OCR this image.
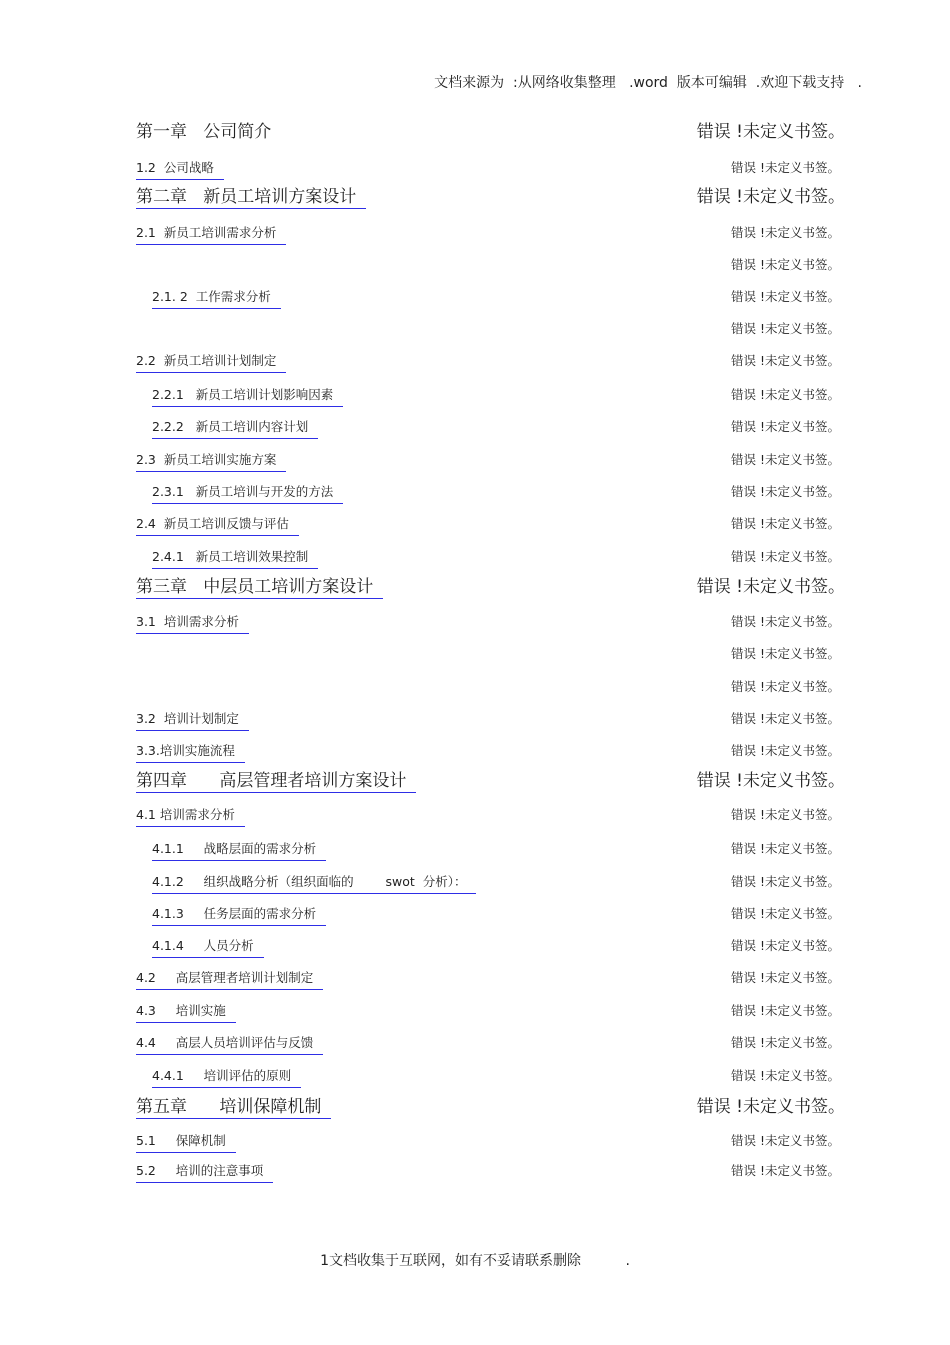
文档来源为  :从网络收集整理   .word  版本可编辑  .欢迎下载支持   .
第一章   公司简介	错误 !未定义书签。
1.2  公司战略	错误 !未定义书签。
第二章   新员工培训方案设计	错误 !未定义书签。
2.1  新员工培训需求分析	错误 !未定义书签。
错误 !未定义书签。
2.1. 2  工作需求分析	错误 !未定义书签。
错误 !未定义书签。
2.2  新员工培训计划制定	错误 !未定义书签。
2.2.1   新员工培训计划影响因素	错误 !未定义书签。
2.2.2   新员工培训内容计划	错误 !未定义书签。
2.3  新员工培训实施方案	错误 !未定义书签。
2.3.1   新员工培训与开发的方法	错误 !未定义书签。
2.4  新员工培训反馈与评估	错误 !未定义书签。
2.4.1   新员工培训效果控制	错误 !未定义书签。
第三章   中层员工培训方案设计	错误 !未定义书签。
3.1  培训需求分析	错误 !未定义书签。
错误 !未定义书签。
错误 !未定义书签。
3.2  培训计划制定	错误 !未定义书签。
3.3.培训实施流程	错误 !未定义书签。
第四章      高层管理者培训方案设计	错误 !未定义书签。
4.1 培训需求分析	错误 !未定义书签。
4.1.1     战略层面的需求分析	错误 !未定义书签。
4.1.2     组织战略分析（组织面临的        swot  分析）：	错误 !未定义书签。
4.1.3     任务层面的需求分析	错误 !未定义书签。
4.1.4     人员分析	错误 !未定义书签。
4.2     高层管理者培训计划制定	错误 !未定义书签。
4.3     培训实施	错误 !未定义书签。
4.4     高层人员培训评估与反馈	错误 !未定义书签。
4.4.1     培训评估的原则	错误 !未定义书签。
第五章      培训保障机制	错误 !未定义书签。
5.1     保障机制	错误 !未定义书签。
5.2     培训的注意事项	错误 !未定义书签。
1文档收集于互联网，如有不妥请联系删除          .
